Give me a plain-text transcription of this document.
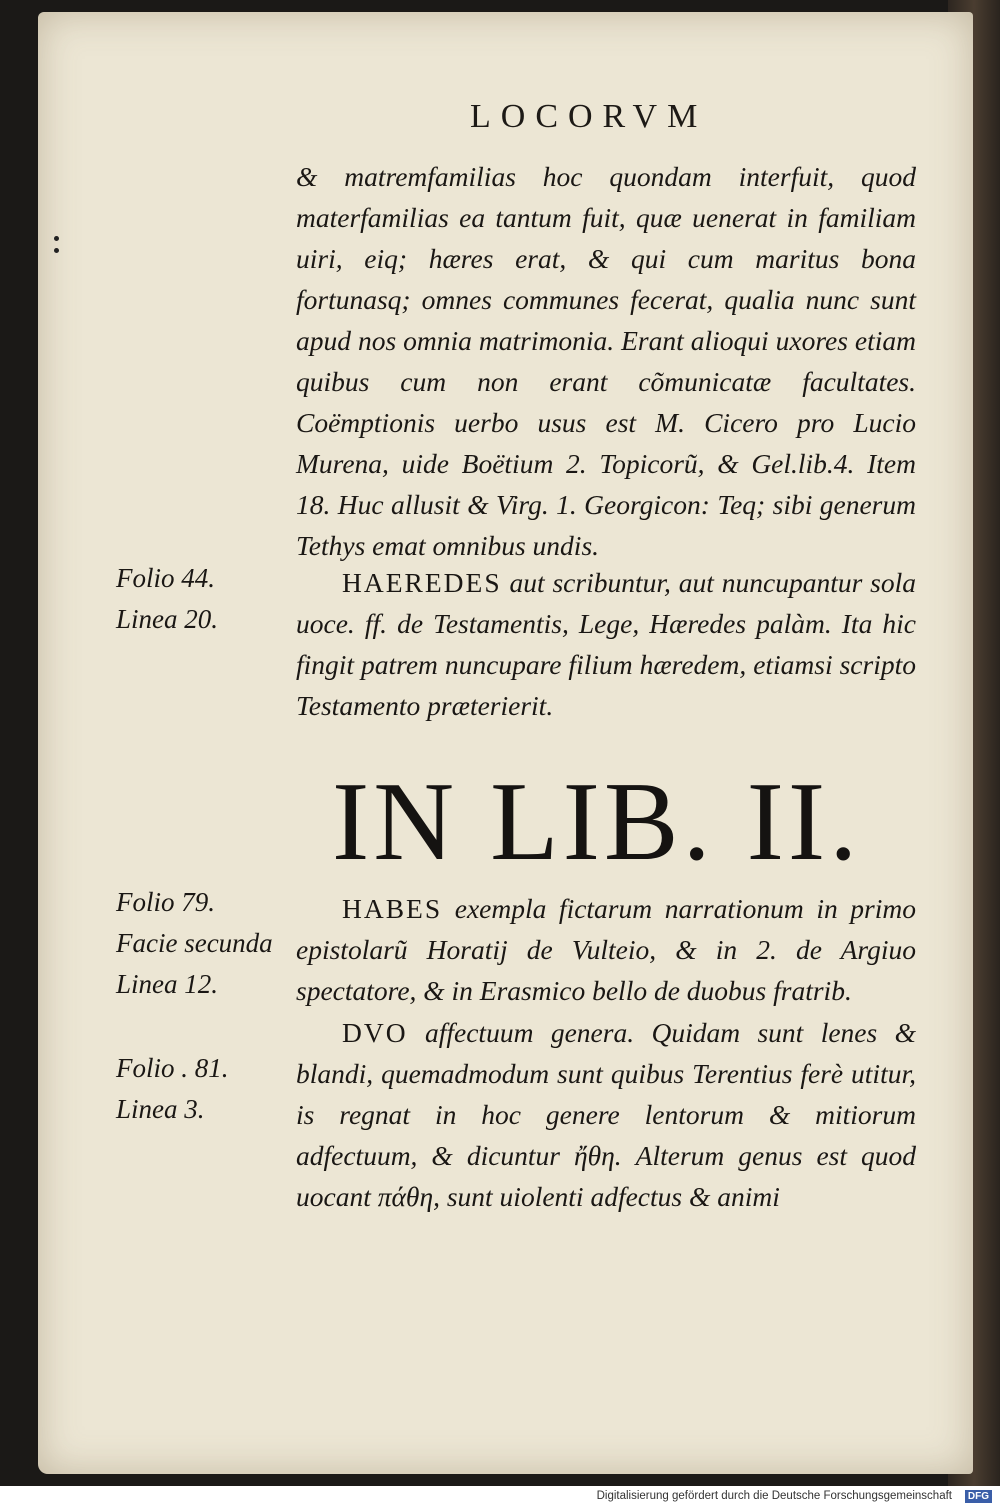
LOCORVM
& matremfamilias hoc quondam interfuit, quod materfamilias ea tantum fuit, quæ uenerat in familiam uiri, eiq; hæres erat, & qui cum maritus bona fortunasq; omnes communes fecerat, qualia nunc sunt apud nos omnia matrimonia. Erant alioqui uxores etiam quibus cum non erant cõmunicatæ facultates. Coëmptionis uerbo usus est M. Cicero pro Lucio Murena, uide Boëtium 2. Topicorũ, & Gel.lib.4. Item 18. Huc allusit & Virg. 1. Georgicon: Teq; sibi generum Tethys emat omnibus undis.
Folio 44.
Linea 20.
HAEREDES aut scribuntur, aut nuncupantur sola uoce. ff. de Testamentis, Lege, Hæredes palàm. Ita hic fingit patrem nuncupare filium hæredem, etiamsi scripto Testamento præterierit.
IN LIB. II.
Folio 79.
Facie secunda
Linea 12.
HABES exempla fictarum narrationum in primo epistolarũ Horatij de Vulteio, & in 2. de Argiuo spectatore, & in Erasmico bello de duobus fratrib.
Folio . 81.
Linea 3.
DVO affectuum genera. Quidam sunt lenes & blandi, quemadmodum sunt quibus Terentius ferè utitur, is regnat in hoc genere lentorum & mitiorum adfectuum, & dicuntur ἤθη. Alterum genus est quod uocant πάθη, sunt uiolenti adfectus & animi
Digitalisierung gefördert durch die Deutsche Forschungsgemeinschaft	DFG
